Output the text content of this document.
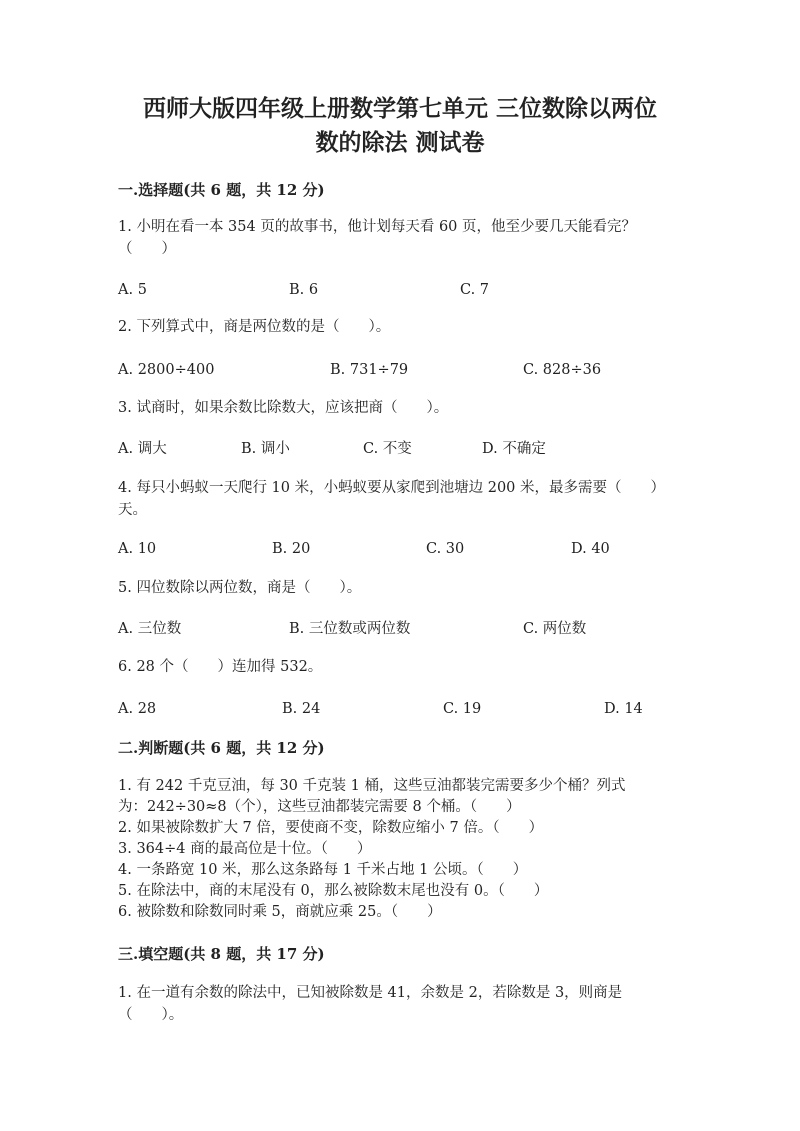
西师大版四年级上册数学第七单元 三位数除以两位
数的除法 测试卷
一.选择题(共 6 题，共 12 分)
1. 小明在看一本 354 页的故事书，他计划每天看 60 页，他至少要几天能看完？（　　）
A. 5	B. 6	C. 7
2. 下列算式中，商是两位数的是（　　）。
A. 2800÷400	B. 731÷79	C. 828÷36
3. 试商时，如果余数比除数大，应该把商（　　）。
A. 调大	B. 调小	C. 不变	D. 不确定
4. 每只小蚂蚁一天爬行 10 米，小蚂蚁要从家爬到池塘边 200 米，最多需要（　　）天。
A. 10	B. 20	C. 30	D. 40
5. 四位数除以两位数，商是（　　）。
A. 三位数	B. 三位数或两位数	C. 两位数
6. 28 个（　　）连加得 532。
A. 28	B. 24	C. 19	D. 14
二.判断题(共 6 题，共 12 分)
1. 有 242 千克豆油，每 30 千克装 1 桶，这些豆油都装完需要多少个桶？列式
为：242÷30≈8（个），这些豆油都装完需要 8 个桶。（　　）
2. 如果被除数扩大 7 倍，要使商不变，除数应缩小 7 倍。（　　）
3. 364÷4 商的最高位是十位。（　　）
4. 一条路宽 10 米，那么这条路每 1 千米占地 1 公顷。（　　）
5. 在除法中，商的末尾没有 0，那么被除数末尾也没有 0。（　　）
6. 被除数和除数同时乘 5，商就应乘 25。（　　）
三.填空题(共 8 题，共 17 分)
1. 在一道有余数的除法中，已知被除数是 41，余数是 2，若除数是 3，则商是（　　）。
